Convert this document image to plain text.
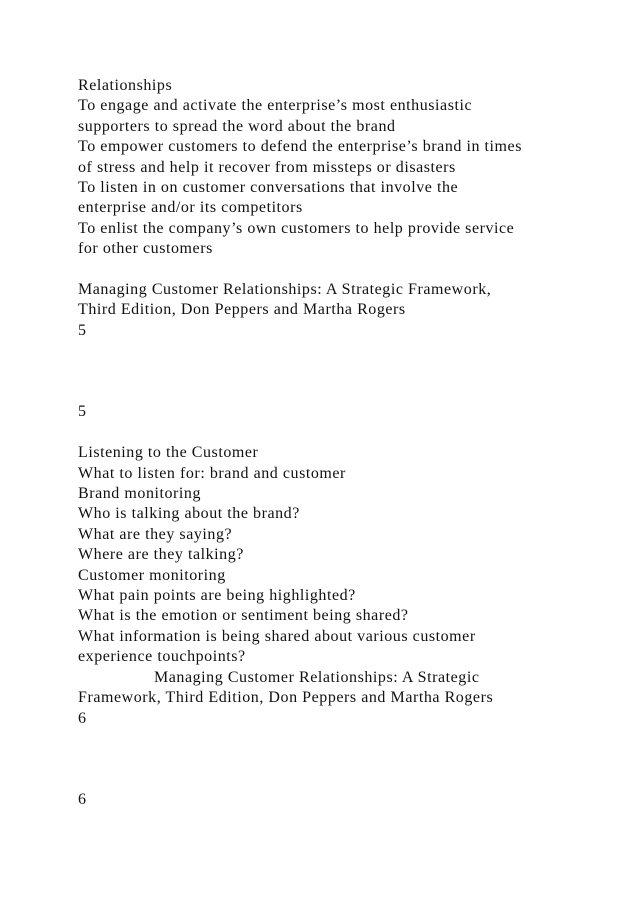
Relationships
To engage and activate the enterprise’s most enthusiastic
supporters to spread the word about the brand
To empower customers to defend the enterprise’s brand in times
of stress and help it recover from missteps or disasters
To listen in on customer conversations that involve the
enterprise and/or its competitors
To enlist the company’s own customers to help provide service
for other customers
Managing Customer Relationships: A Strategic Framework,
Third Edition, Don Peppers and Martha Rogers
5
5
Listening to the Customer
What to listen for: brand and customer
Brand monitoring
Who is talking about the brand?
What are they saying?
Where are they talking?
Customer monitoring
What pain points are being highlighted?
What is the emotion or sentiment being shared?
What information is being shared about various customer
experience touchpoints?
Managing Customer Relationships: A Strategic
Framework, Third Edition, Don Peppers and Martha Rogers
6
6
